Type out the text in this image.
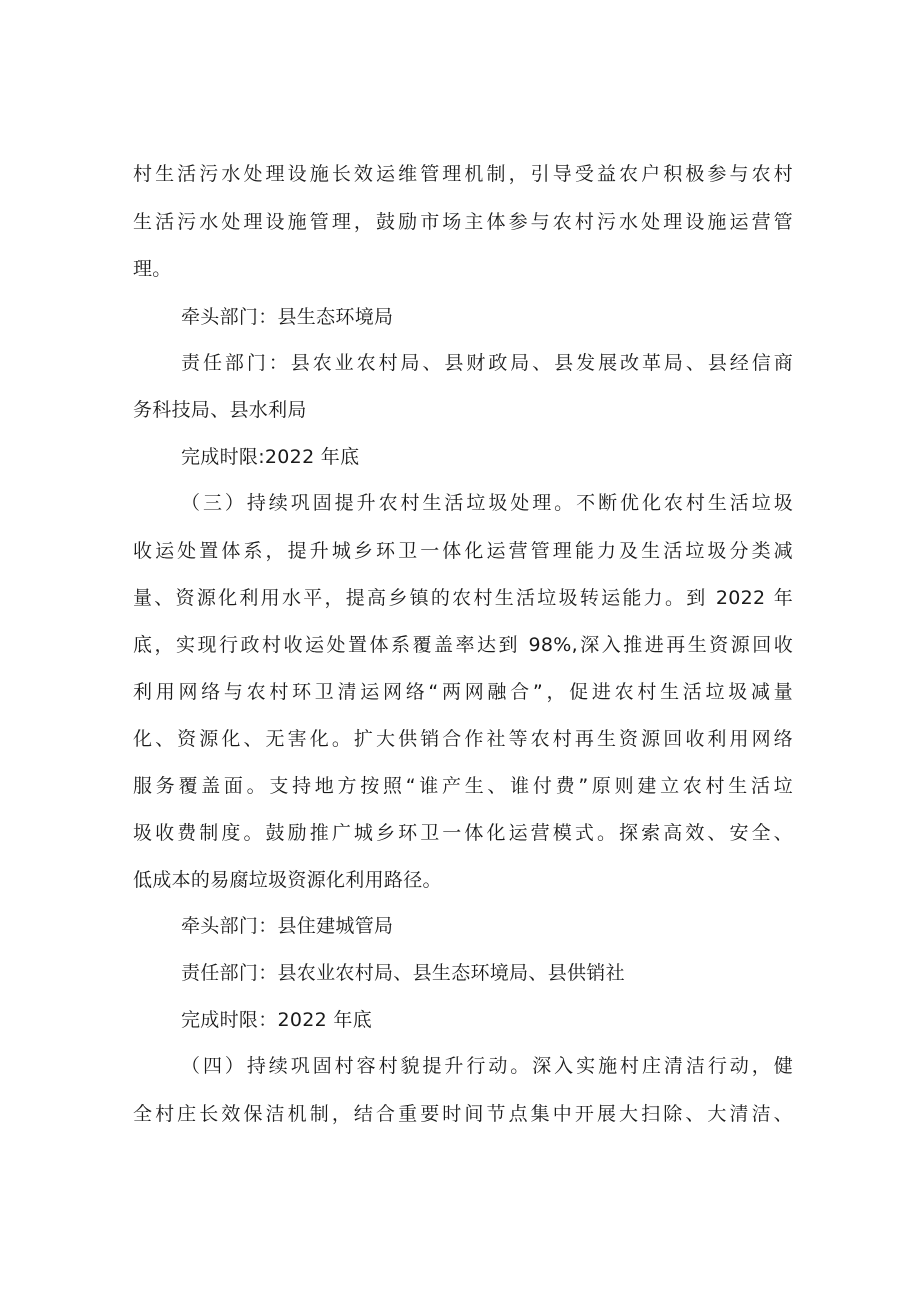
村生活污水处理设施长效运维管理机制，引导受益农户积极参与农村
生活污水处理设施管理，鼓励市场主体参与农村污水处理设施运营管
理。
牵头部门：县生态环境局
责任部门：县农业农村局、县财政局、县发展改革局、县经信商
务科技局、县水利局
完成时限:2022 年底
（三）持续巩固提升农村生活垃圾处理。不断优化农村生活垃圾
收运处置体系，提升城乡环卫一体化运营管理能力及生活垃圾分类减
量、资源化利用水平，提高乡镇的农村生活垃圾转运能力。到 2022 年
底，实现行政村收运处置体系覆盖率达到 98%,深入推进再生资源回收
利用网络与农村环卫清运网络“两网融合”，促进农村生活垃圾减量
化、资源化、无害化。扩大供销合作社等农村再生资源回收利用网络
服务覆盖面。支持地方按照“谁产生、谁付费”原则建立农村生活垃
圾收费制度。鼓励推广城乡环卫一体化运营模式。探索高效、安全、
低成本的易腐垃圾资源化利用路径。
牵头部门：县住建城管局
责任部门：县农业农村局、县生态环境局、县供销社
完成时限：2022 年底
（四）持续巩固村容村貌提升行动。深入实施村庄清洁行动，健
全村庄长效保洁机制，结合重要时间节点集中开展大扫除、大清洁、
